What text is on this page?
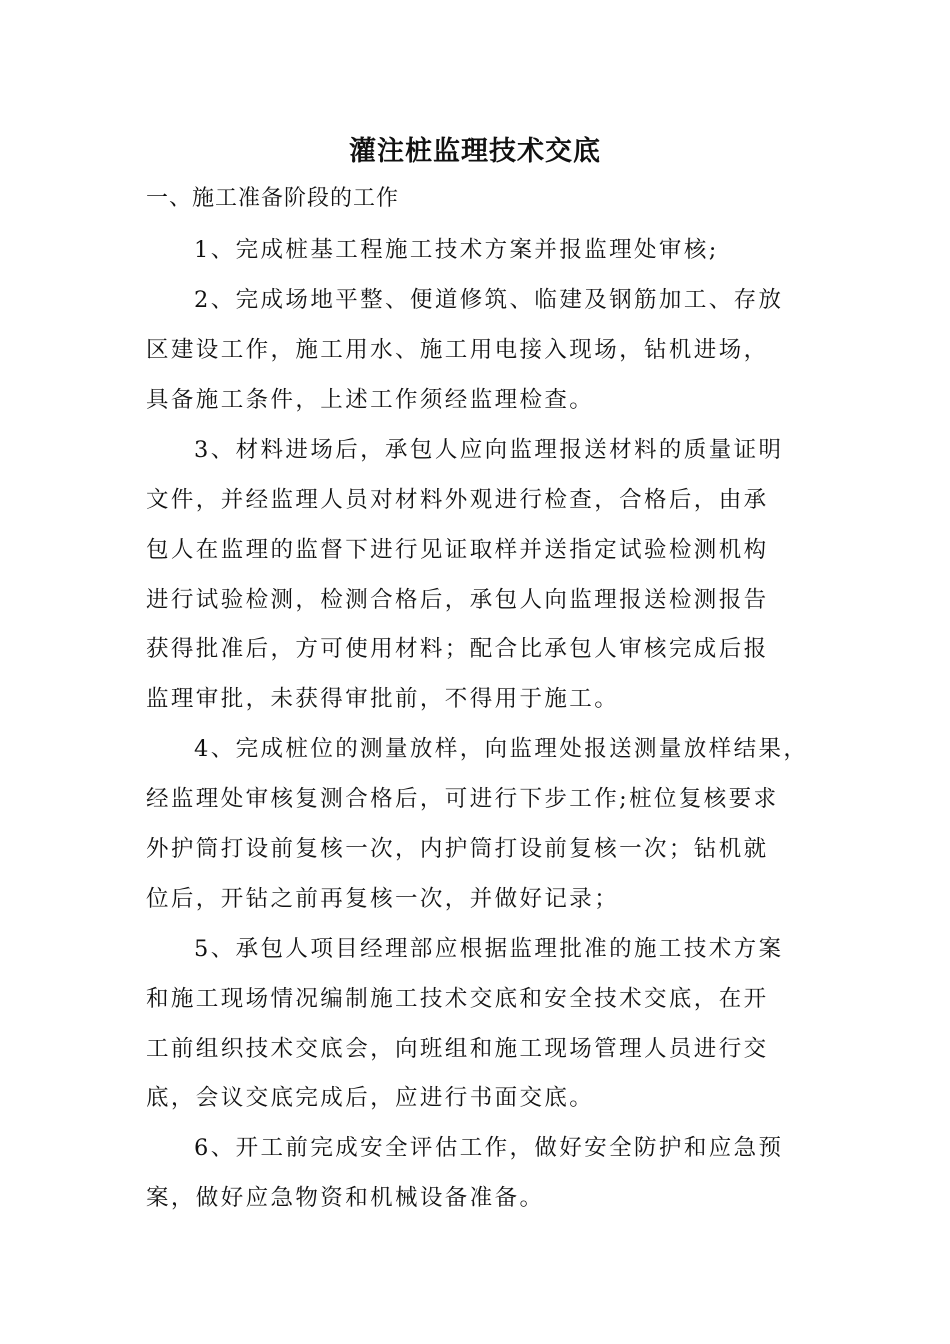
灌注桩监理技术交底
一、施工准备阶段的工作
1、完成桩基工程施工技术方案并报监理处审核;
2、完成场地平整、便道修筑、临建及钢筋加工、存放
区建设工作，施工用水、施工用电接入现场，钻机进场，
具备施工条件，上述工作须经监理检查。
3、材料进场后，承包人应向监理报送材料的质量证明
文件，并经监理人员对材料外观进行检查，合格后，由承
包人在监理的监督下进行见证取样并送指定试验检测机构
进行试验检测，检测合格后，承包人向监理报送检测报告
获得批准后，方可使用材料；配合比承包人审核完成后报
监理审批，未获得审批前，不得用于施工。
4、完成桩位的测量放样，向监理处报送测量放样结果，
经监理处审核复测合格后，可进行下步工作;桩位复核要求
外护筒打设前复核一次，内护筒打设前复核一次；钻机就
位后，开钻之前再复核一次，并做好记录；
5、承包人项目经理部应根据监理批准的施工技术方案
和施工现场情况编制施工技术交底和安全技术交底，在开
工前组织技术交底会，向班组和施工现场管理人员进行交
底，会议交底完成后，应进行书面交底。
6、开工前完成安全评估工作，做好安全防护和应急预
案，做好应急物资和机械设备准备。
